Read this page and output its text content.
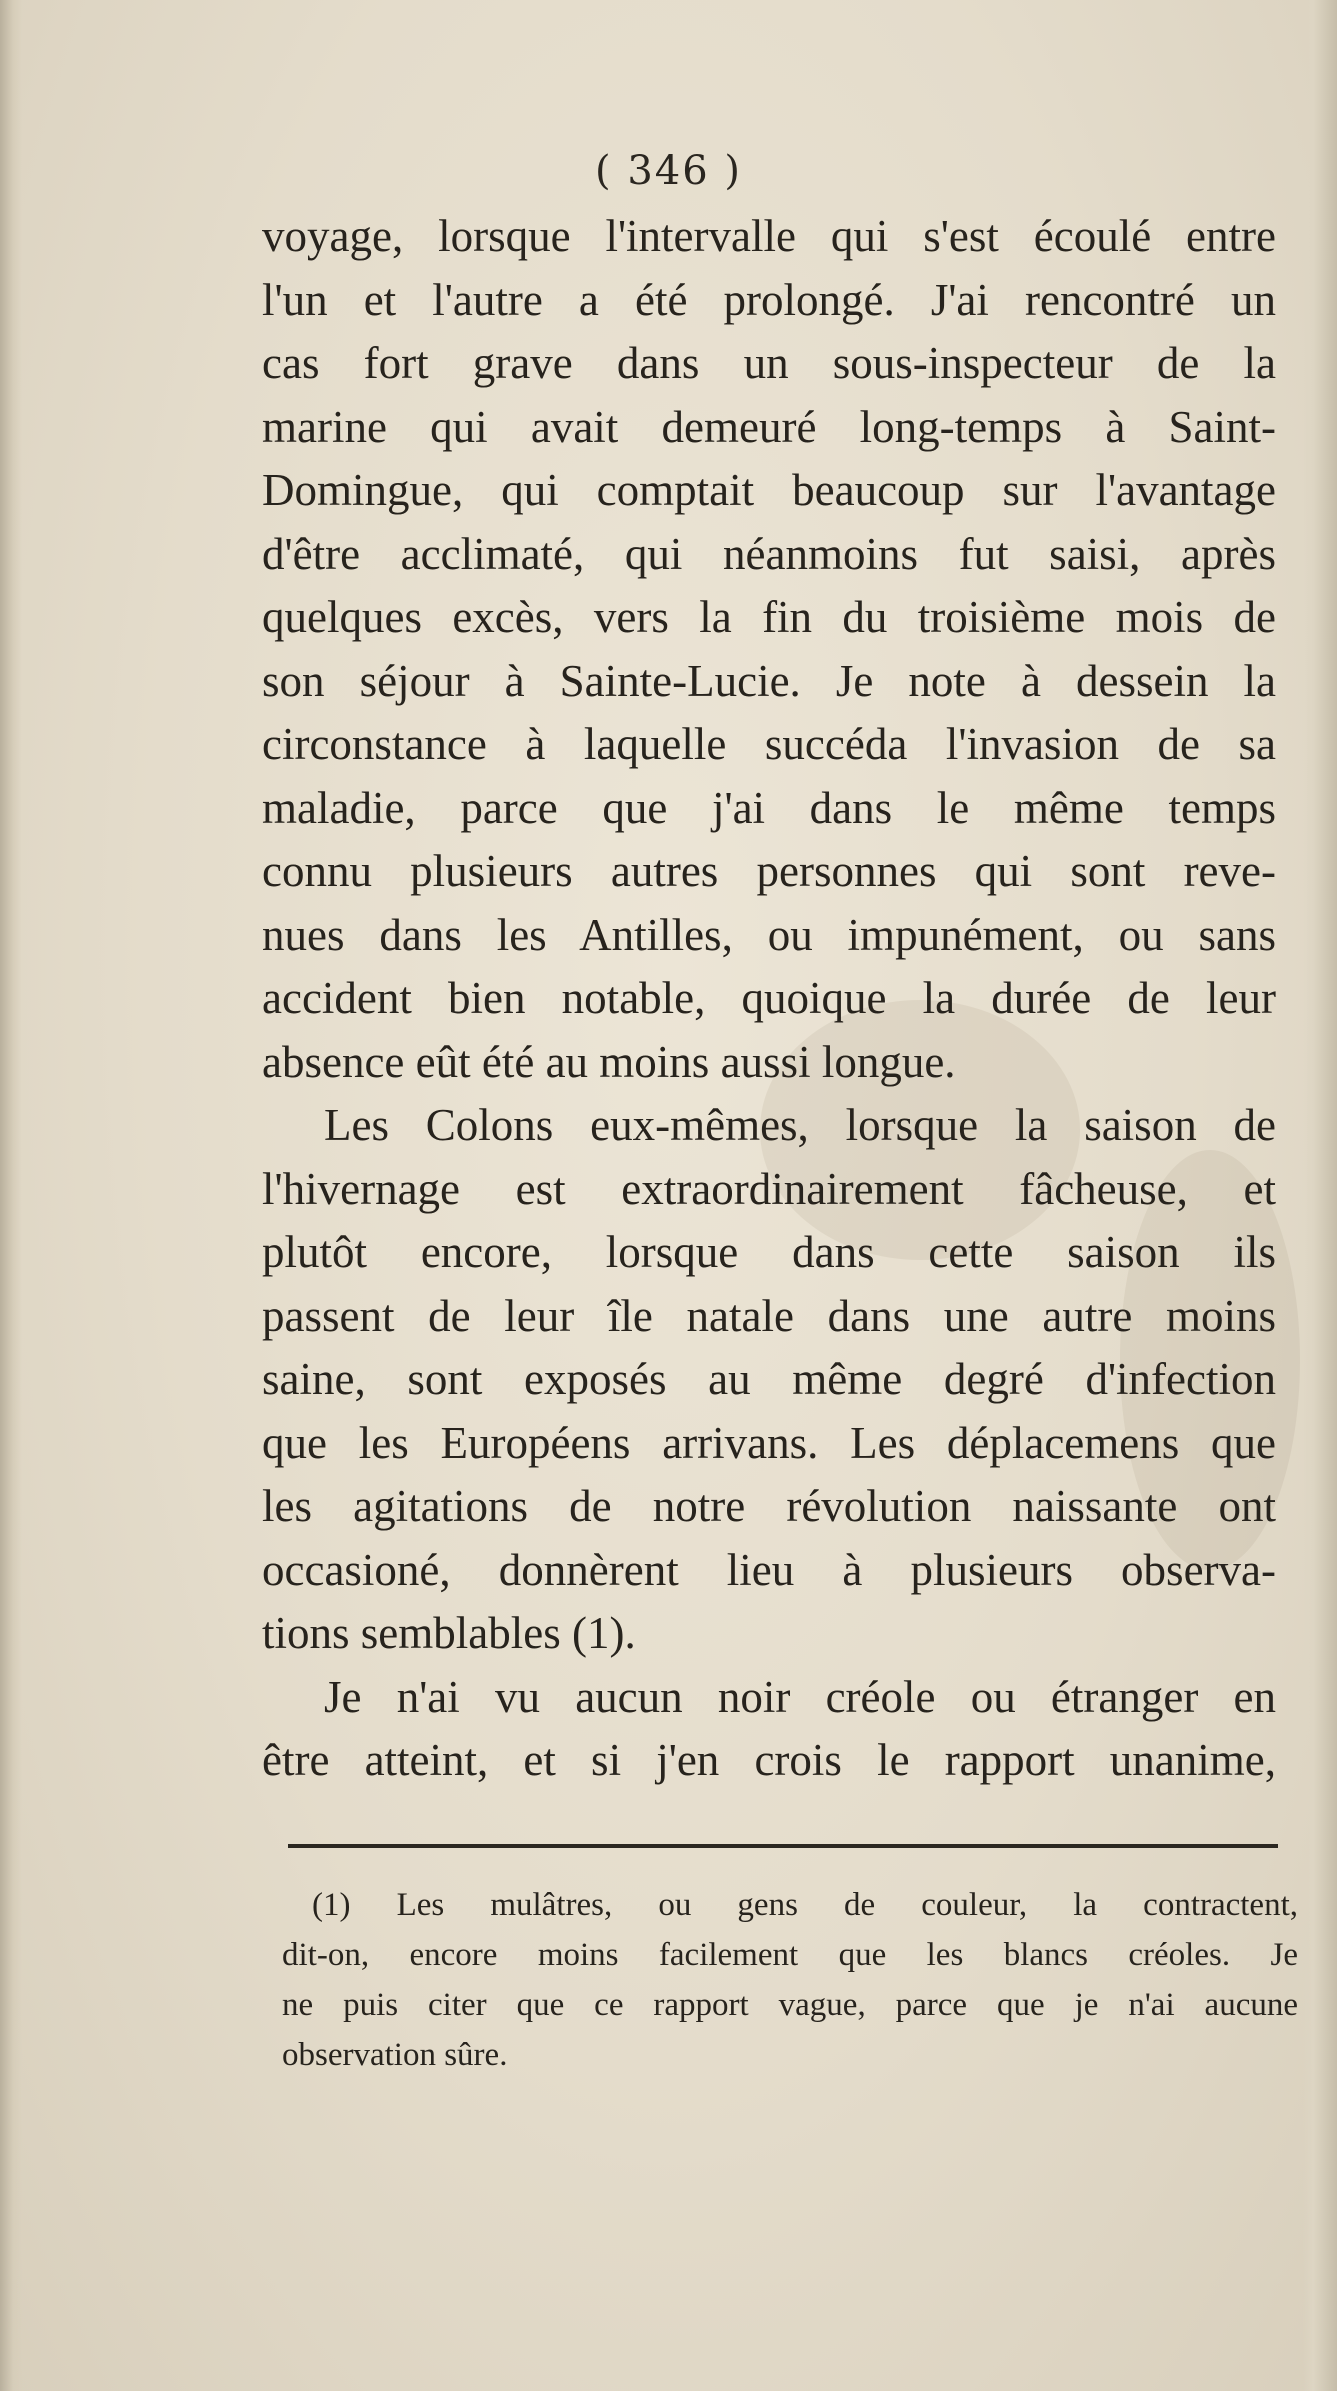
( 346 )
voyage, lorsque l'intervalle qui s'est écoulé entre
l'un et l'autre a été prolongé. J'ai rencontré un
cas fort grave dans un sous-inspecteur de la
marine qui avait demeuré long-temps à Saint-
Domingue, qui comptait beaucoup sur l'avantage
d'être acclimaté, qui néanmoins fut saisi, après
quelques excès, vers la fin du troisième mois de
son séjour à Sainte-Lucie. Je note à dessein la
circonstance à laquelle succéda l'invasion de sa
maladie, parce que j'ai dans le même temps
connu plusieurs autres personnes qui sont reve-
nues dans les Antilles, ou impunément, ou sans
accident bien notable, quoique la durée de leur
absence eût été au moins aussi longue.
Les Colons eux-mêmes, lorsque la saison de
l'hivernage est extraordinairement fâcheuse, et
plutôt encore, lorsque dans cette saison ils
passent de leur île natale dans une autre moins
saine, sont exposés au même degré d'infection
que les Européens arrivans. Les déplacemens que
les agitations de notre révolution naissante ont
occasioné, donnèrent lieu à plusieurs observa-
tions semblables (1).
Je n'ai vu aucun noir créole ou étranger en
être atteint, et si j'en crois le rapport unanime,
(1) Les mulâtres, ou gens de couleur, la contractent,
dit-on, encore moins facilement que les blancs créoles. Je
ne puis citer que ce rapport vague, parce que je n'ai aucune
observation sûre.
